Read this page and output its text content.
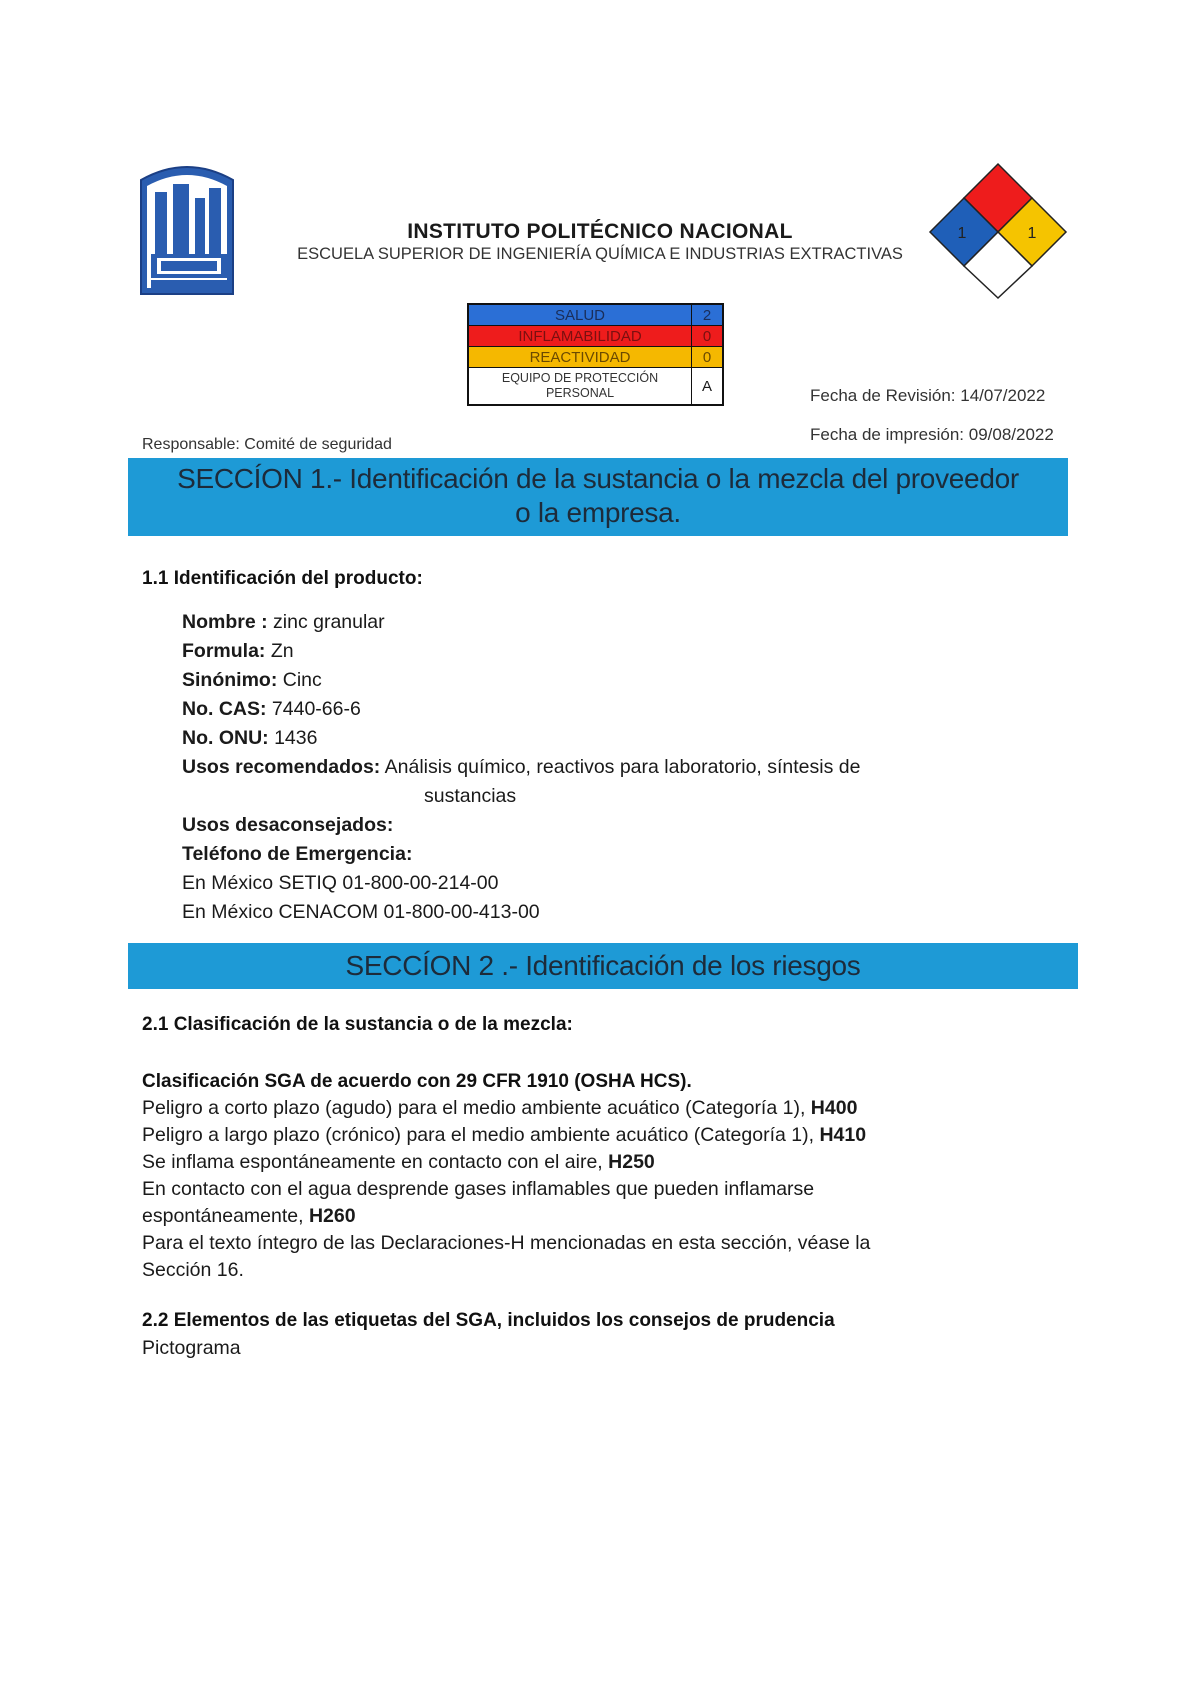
INSTITUTO POLITÉCNICO NACIONAL
ESCUELA SUPERIOR DE INGENIERÍA QUÍMICA E INDUSTRIAS EXTRACTIVAS
1	1
SALUD	2
INFLAMABILIDAD	0
REACTIVIDAD	0
EQUIPO DE PROTECCIÓN PERSONAL	A	Fecha de Revisión: 14/07/2022
Fecha de impresión: 09/08/2022
Responsable: Comité de seguridad
SECCÍON 1.- Identificación de la sustancia o la mezcla del proveedor
o la empresa.
1.1 Identificación del producto:
Nombre : zinc granular
Formula: Zn
Sinónimo: Cinc
No. CAS: 7440-66-6
No. ONU: 1436
Usos recomendados: Análisis químico, reactivos para laboratorio, síntesis de
sustancias
Usos desaconsejados:
Teléfono de Emergencia:
En México SETIQ 01-800-00-214-00
En México CENACOM 01-800-00-413-00
SECCÍON 2 .- Identificación de los riesgos
2.1 Clasificación de la sustancia o de la mezcla:
Clasificación SGA de acuerdo con 29 CFR 1910 (OSHA HCS).
Peligro a corto plazo (agudo) para el medio ambiente acuático (Categoría 1), H400
Peligro a largo plazo (crónico) para el medio ambiente acuático (Categoría 1), H410
Se inflama espontáneamente en contacto con el aire, H250
En contacto con el agua desprende gases inflamables que pueden inflamarse
espontáneamente, H260
Para el texto íntegro de las Declaraciones-H mencionadas en esta sección, véase la
Sección 16.
2.2 Elementos de las etiquetas del SGA, incluidos los consejos de prudencia
Pictograma
